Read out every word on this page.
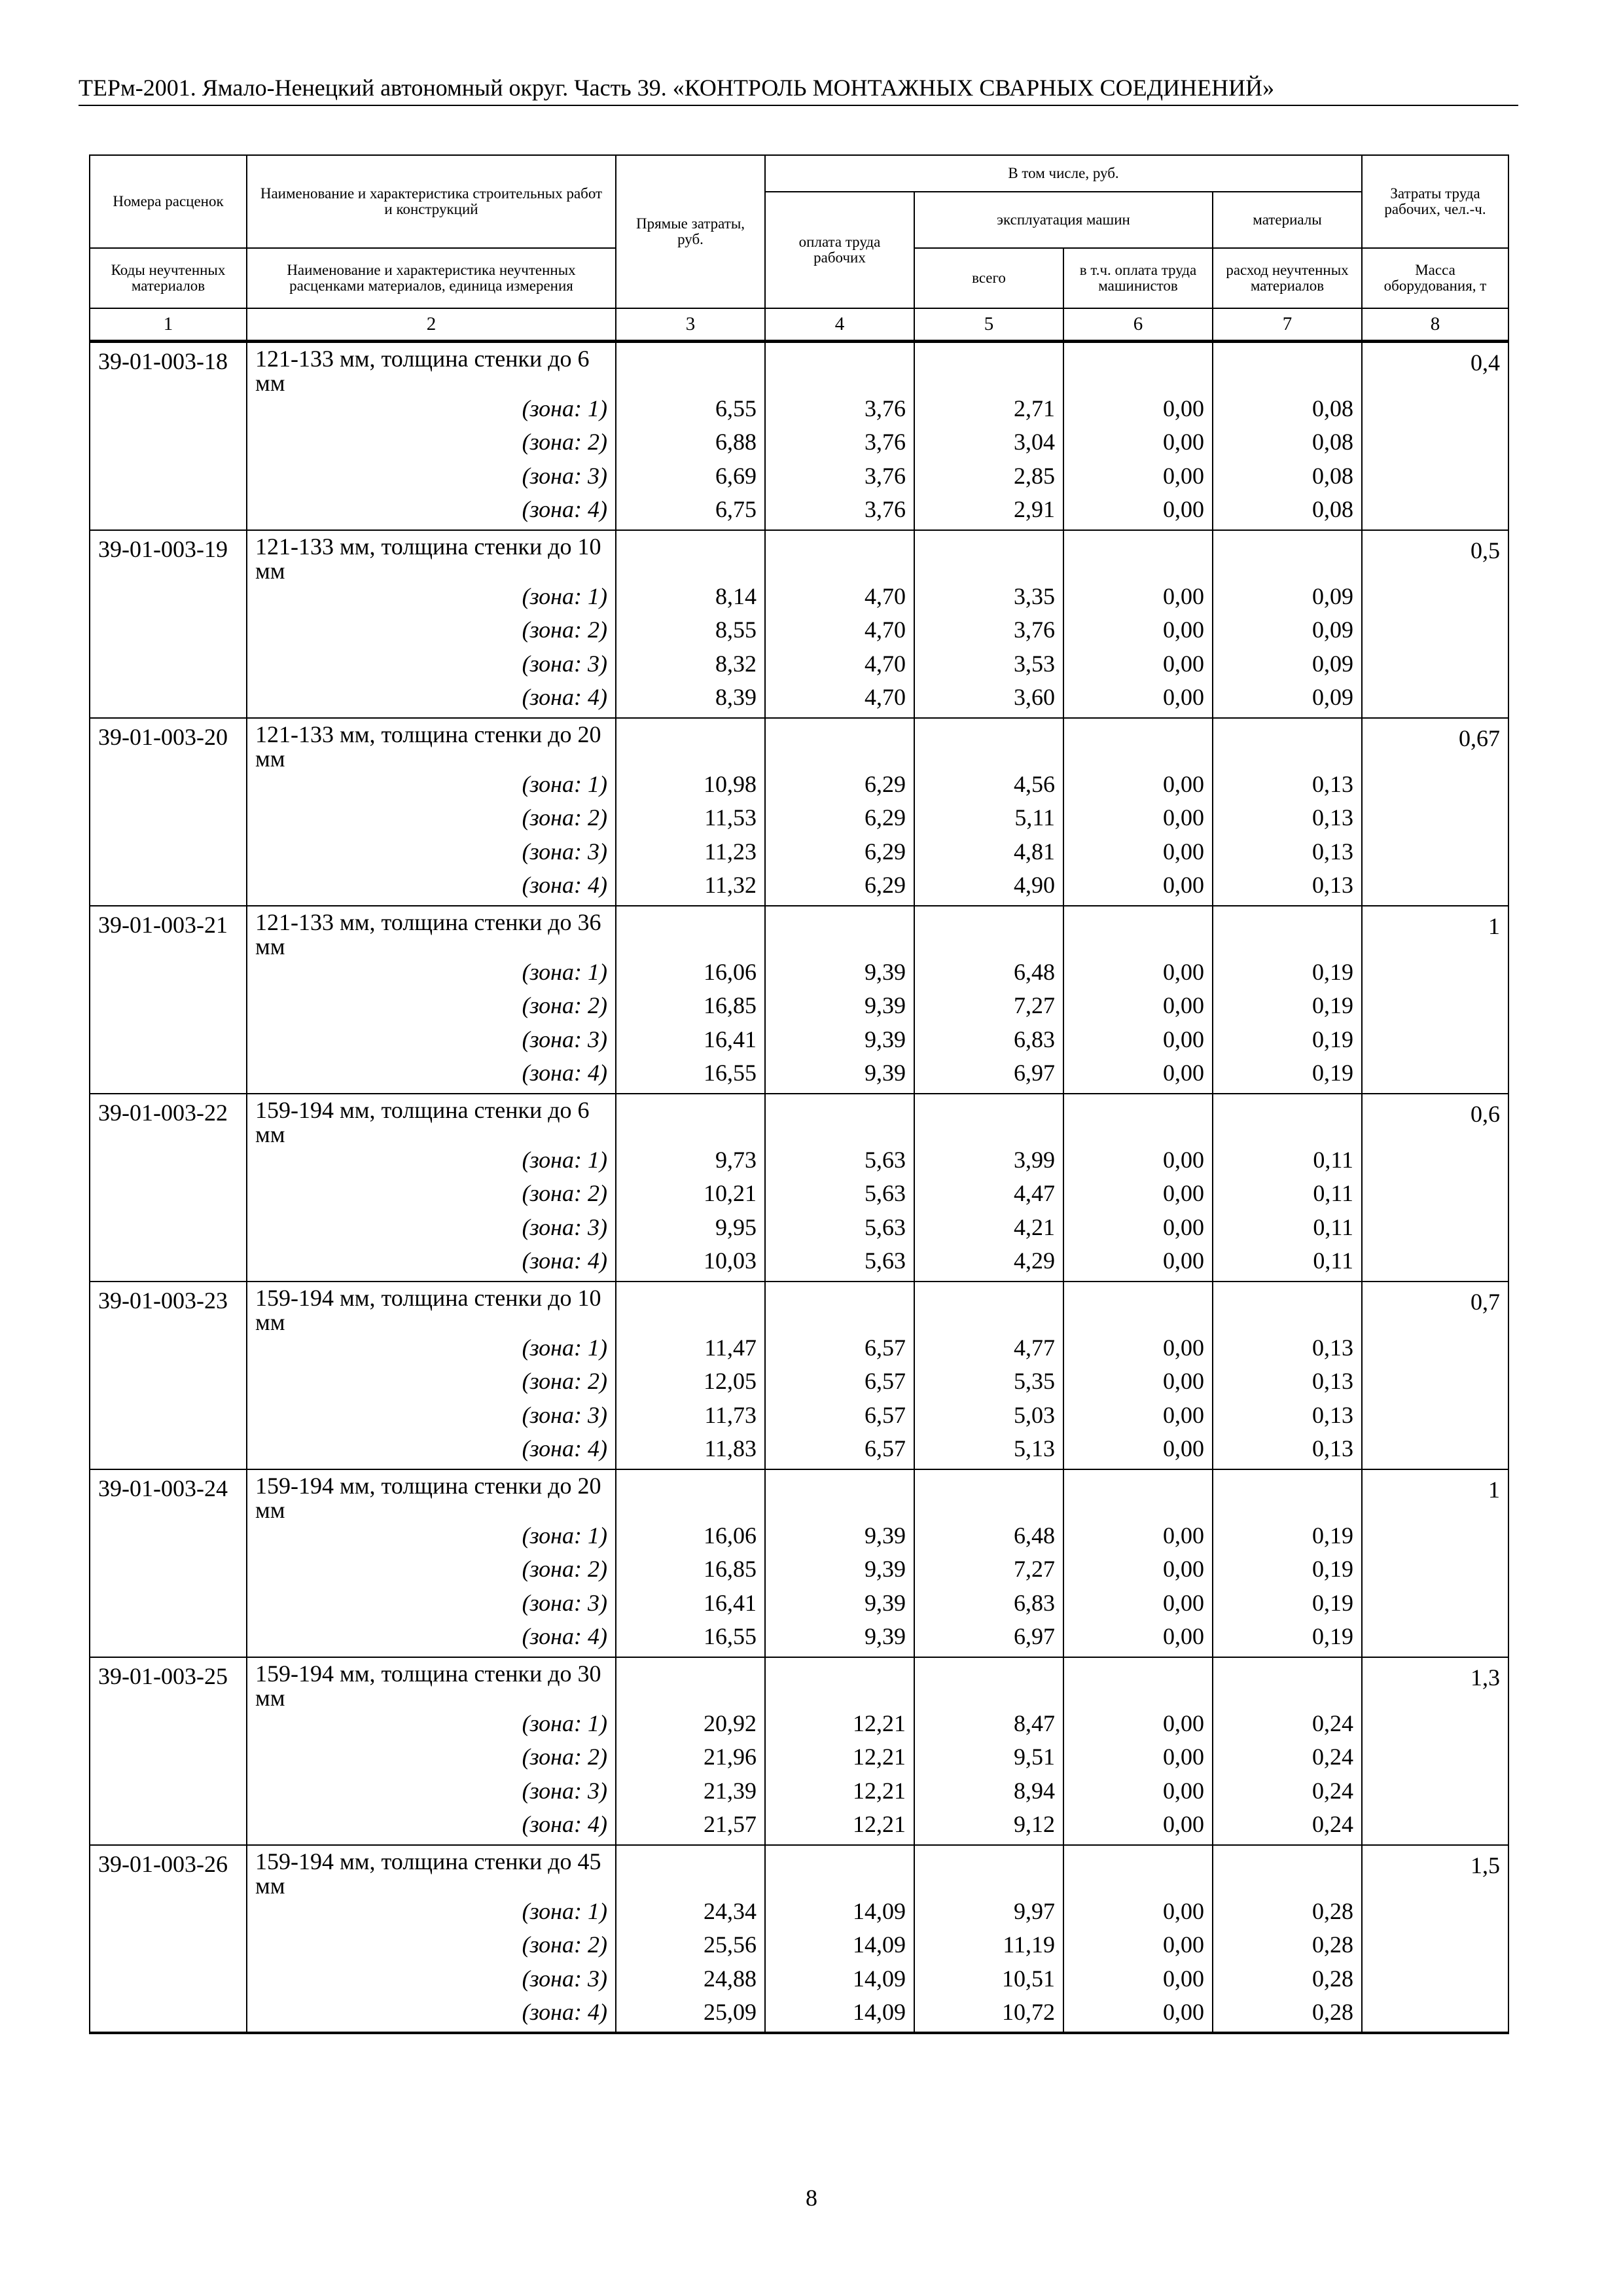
ТЕРм-2001. Ямало-Ненецкий автономный округ. Часть 39. «КОНТРОЛЬ МОНТАЖНЫХ СВАРНЫХ СОЕДИНЕНИЙ»
Номера расценок	Наименование и характеристика строительных работ и конструкций	Прямые затраты, руб.	В том числе, руб.				Затраты труда рабочих, чел.-ч.
			оплата труда рабочих	эксплуатация машин		материалы	
Коды неучтенных материалов	Наименование и характеристика неучтенных расценками материалов, единица измерения			всего	в т.ч. оплата труда машинистов	расход неучтенных материалов	Масса оборудования, т
1	2	3	4	5	6	7	8
39-01-003-18	121-133 мм, толщина стенки до 6 мм						0,4
	(зона: 1)	6,55	3,76	2,71	0,00	0,08	
	(зона: 2)	6,88	3,76	3,04	0,00	0,08	
	(зона: 3)	6,69	3,76	2,85	0,00	0,08	
	(зона: 4)	6,75	3,76	2,91	0,00	0,08	
39-01-003-19	121-133 мм, толщина стенки до 10 мм						0,5
	(зона: 1)	8,14	4,70	3,35	0,00	0,09	
	(зона: 2)	8,55	4,70	3,76	0,00	0,09	
	(зона: 3)	8,32	4,70	3,53	0,00	0,09	
	(зона: 4)	8,39	4,70	3,60	0,00	0,09	
39-01-003-20	121-133 мм, толщина стенки до 20 мм						0,67
	(зона: 1)	10,98	6,29	4,56	0,00	0,13	
	(зона: 2)	11,53	6,29	5,11	0,00	0,13	
	(зона: 3)	11,23	6,29	4,81	0,00	0,13	
	(зона: 4)	11,32	6,29	4,90	0,00	0,13	
39-01-003-21	121-133 мм, толщина стенки до 36 мм						1
	(зона: 1)	16,06	9,39	6,48	0,00	0,19	
	(зона: 2)	16,85	9,39	7,27	0,00	0,19	
	(зона: 3)	16,41	9,39	6,83	0,00	0,19	
	(зона: 4)	16,55	9,39	6,97	0,00	0,19	
39-01-003-22	159-194 мм, толщина стенки до 6 мм						0,6
	(зона: 1)	9,73	5,63	3,99	0,00	0,11	
	(зона: 2)	10,21	5,63	4,47	0,00	0,11	
	(зона: 3)	9,95	5,63	4,21	0,00	0,11	
	(зона: 4)	10,03	5,63	4,29	0,00	0,11	
39-01-003-23	159-194 мм, толщина стенки до 10 мм						0,7
	(зона: 1)	11,47	6,57	4,77	0,00	0,13	
	(зона: 2)	12,05	6,57	5,35	0,00	0,13	
	(зона: 3)	11,73	6,57	5,03	0,00	0,13	
	(зона: 4)	11,83	6,57	5,13	0,00	0,13	
39-01-003-24	159-194 мм, толщина стенки до 20 мм						1
	(зона: 1)	16,06	9,39	6,48	0,00	0,19	
	(зона: 2)	16,85	9,39	7,27	0,00	0,19	
	(зона: 3)	16,41	9,39	6,83	0,00	0,19	
	(зона: 4)	16,55	9,39	6,97	0,00	0,19	
39-01-003-25	159-194 мм, толщина стенки до 30 мм						1,3
	(зона: 1)	20,92	12,21	8,47	0,00	0,24	
	(зона: 2)	21,96	12,21	9,51	0,00	0,24	
	(зона: 3)	21,39	12,21	8,94	0,00	0,24	
	(зона: 4)	21,57	12,21	9,12	0,00	0,24	
39-01-003-26	159-194 мм, толщина стенки до 45 мм						1,5
	(зона: 1)	24,34	14,09	9,97	0,00	0,28	
	(зона: 2)	25,56	14,09	11,19	0,00	0,28	
	(зона: 3)	24,88	14,09	10,51	0,00	0,28	
	(зона: 4)	25,09	14,09	10,72	0,00	0,28	
8
